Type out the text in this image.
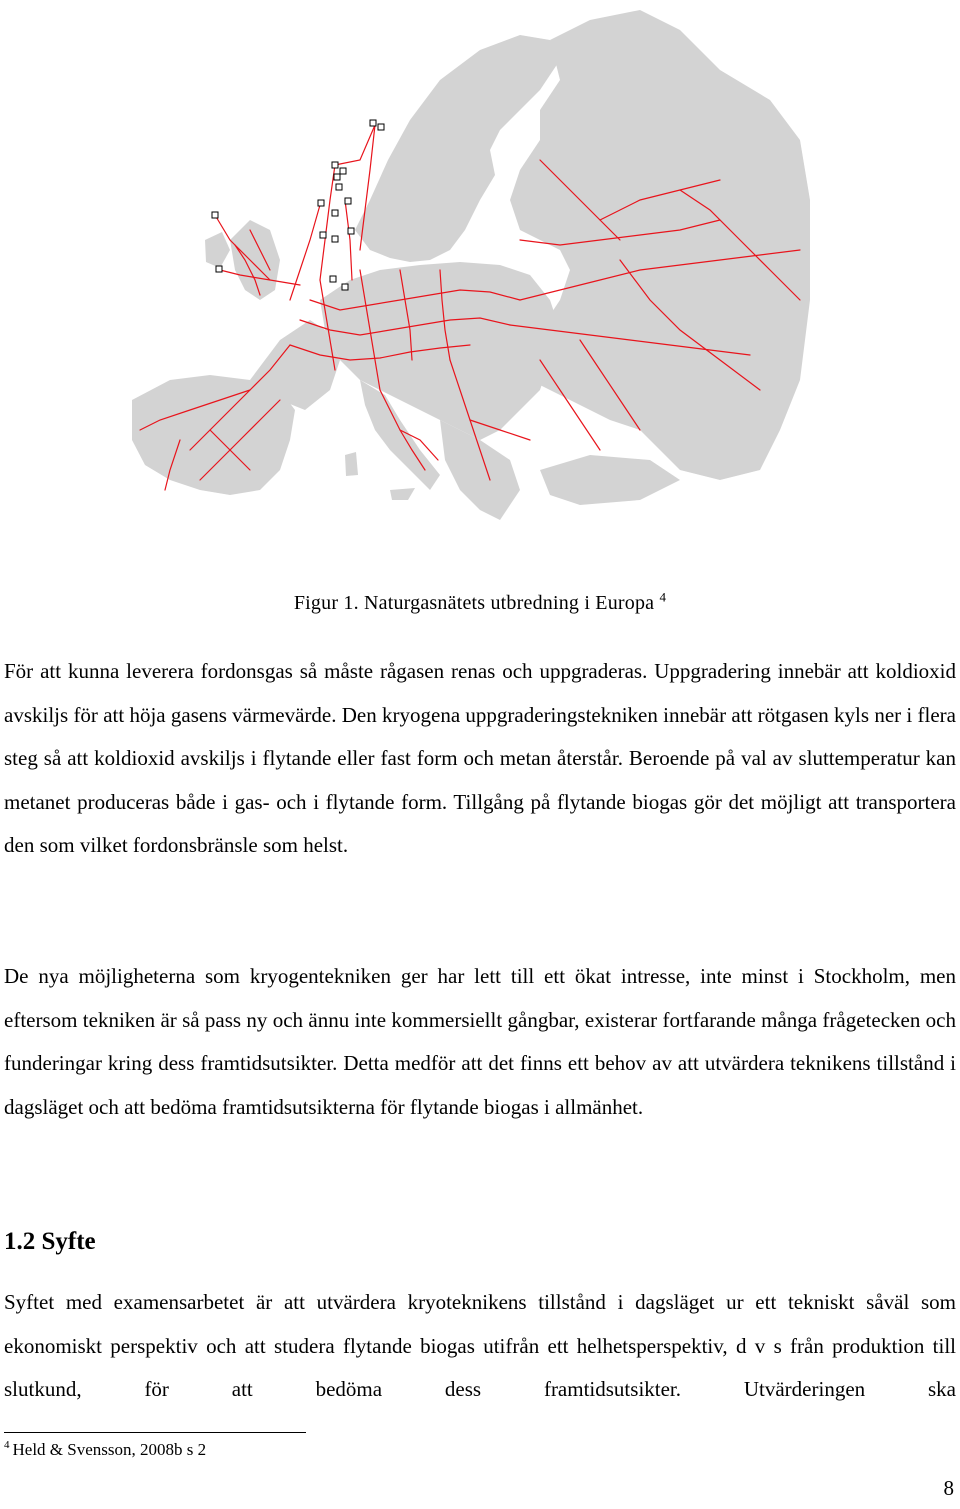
Figur 1. Naturgasnätets utbredning i Europa $^4$

För att kunna leverera fordonsgas så måste rågasen renas och uppgraderas. Uppgradering innebär att koldioxid avskiljs för att höja gasens värmevärde. Den kryogena uppgraderingstekniken innebär att rötgasen kyls ner i flera steg så att koldioxid avskiljs i flytande eller fast form och metan återstår. Beroende på val av sluttemperatur kan metanet produceras både i gas- och i flytande form. Tillgång på flytande biogas gör det möjligt att transportera den som vilket fordonsbränsle som helst.

De nya möjligheterna som kryogentekniken ger har lett till ett ökat intresse, inte minst i Stockholm, men eftersom tekniken är så pass ny och ännu inte kommersiellt gångbar, existerar fortfarande många frågetecken och funderingar kring dess framtidsutsikter. Detta medför att det finns ett behov av att utvärdera teknikens tillstånd i dagsläget och att bedöma framtidsutsikterna för flytande biogas i allmänhet.

1.2 Syfte

Syftet med examensarbetet är att utvärdera kryoteknikens tillstånd i dagsläget ur ett tekniskt såväl som ekonomiskt perspektiv och att studera flytande biogas utifrån ett helhetsperspektiv, d v s från produktion till slutkund, för att bedöma dess framtidsutsikter. Utvärderingen ska

$^4$ Held & Svensson, 2008b s 2
8
